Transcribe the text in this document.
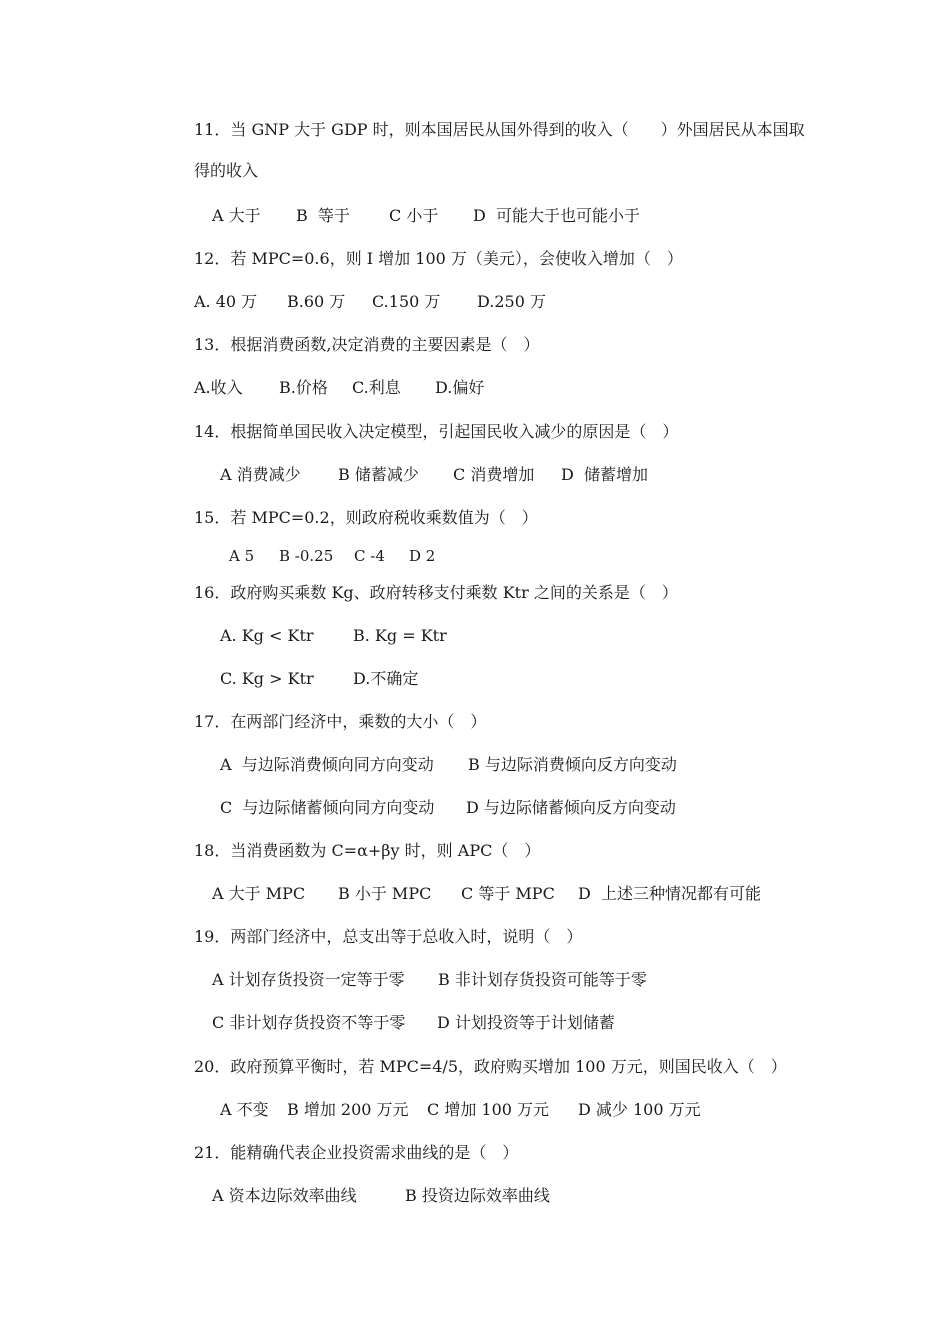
11．当 GNP 大于 GDP 时，则本国居民从国外得到的收入（　　）外国居民从本国取
得的收入
A 大于 B  等于 C 小于 D  可能大于也可能小于
12．若 MPC=0.6，则 I 增加 100 万（美元），会使收入增加（　）
A. 40 万 B.60 万 C.150 万 D.250 万
13．根据消费函数,决定消费的主要因素是（　）
A.收入 B.价格 C.利息 D.偏好
14．根据简单国民收入决定模型，引起国民收入减少的原因是（　）
A 消费减少 B 储蓄减少 C 消费增加 D  储蓄增加
15．若 MPC=0.2，则政府税收乘数值为（　）
A 5 B -0.25 C -4 D 2
16．政府购买乘数 Kg、政府转移支付乘数 Ktr 之间的关系是（　）
A. Kg < Ktr B. Kg = Ktr
C. Kg > Ktr D.不确定
17．在两部门经济中，乘数的大小（　）
A  与边际消费倾向同方向变动 B 与边际消费倾向反方向变动
C  与边际储蓄倾向同方向变动 D 与边际储蓄倾向反方向变动
18．当消费函数为 C=α+βy 时，则 APC（　）
A 大于 MPC B 小于 MPC C 等于 MPC D  上述三种情况都有可能
19．两部门经济中，总支出等于总收入时，说明（　）
A 计划存货投资一定等于零 B 非计划存货投资可能等于零
C 非计划存货投资不等于零 D 计划投资等于计划储蓄
20．政府预算平衡时，若 MPC=4/5，政府购买增加 100 万元，则国民收入（　）
A 不变 B 增加 200 万元 C 增加 100 万元 D 减少 100 万元
21．能精确代表企业投资需求曲线的是（　）
A 资本边际效率曲线	B 投资边际效率曲线
